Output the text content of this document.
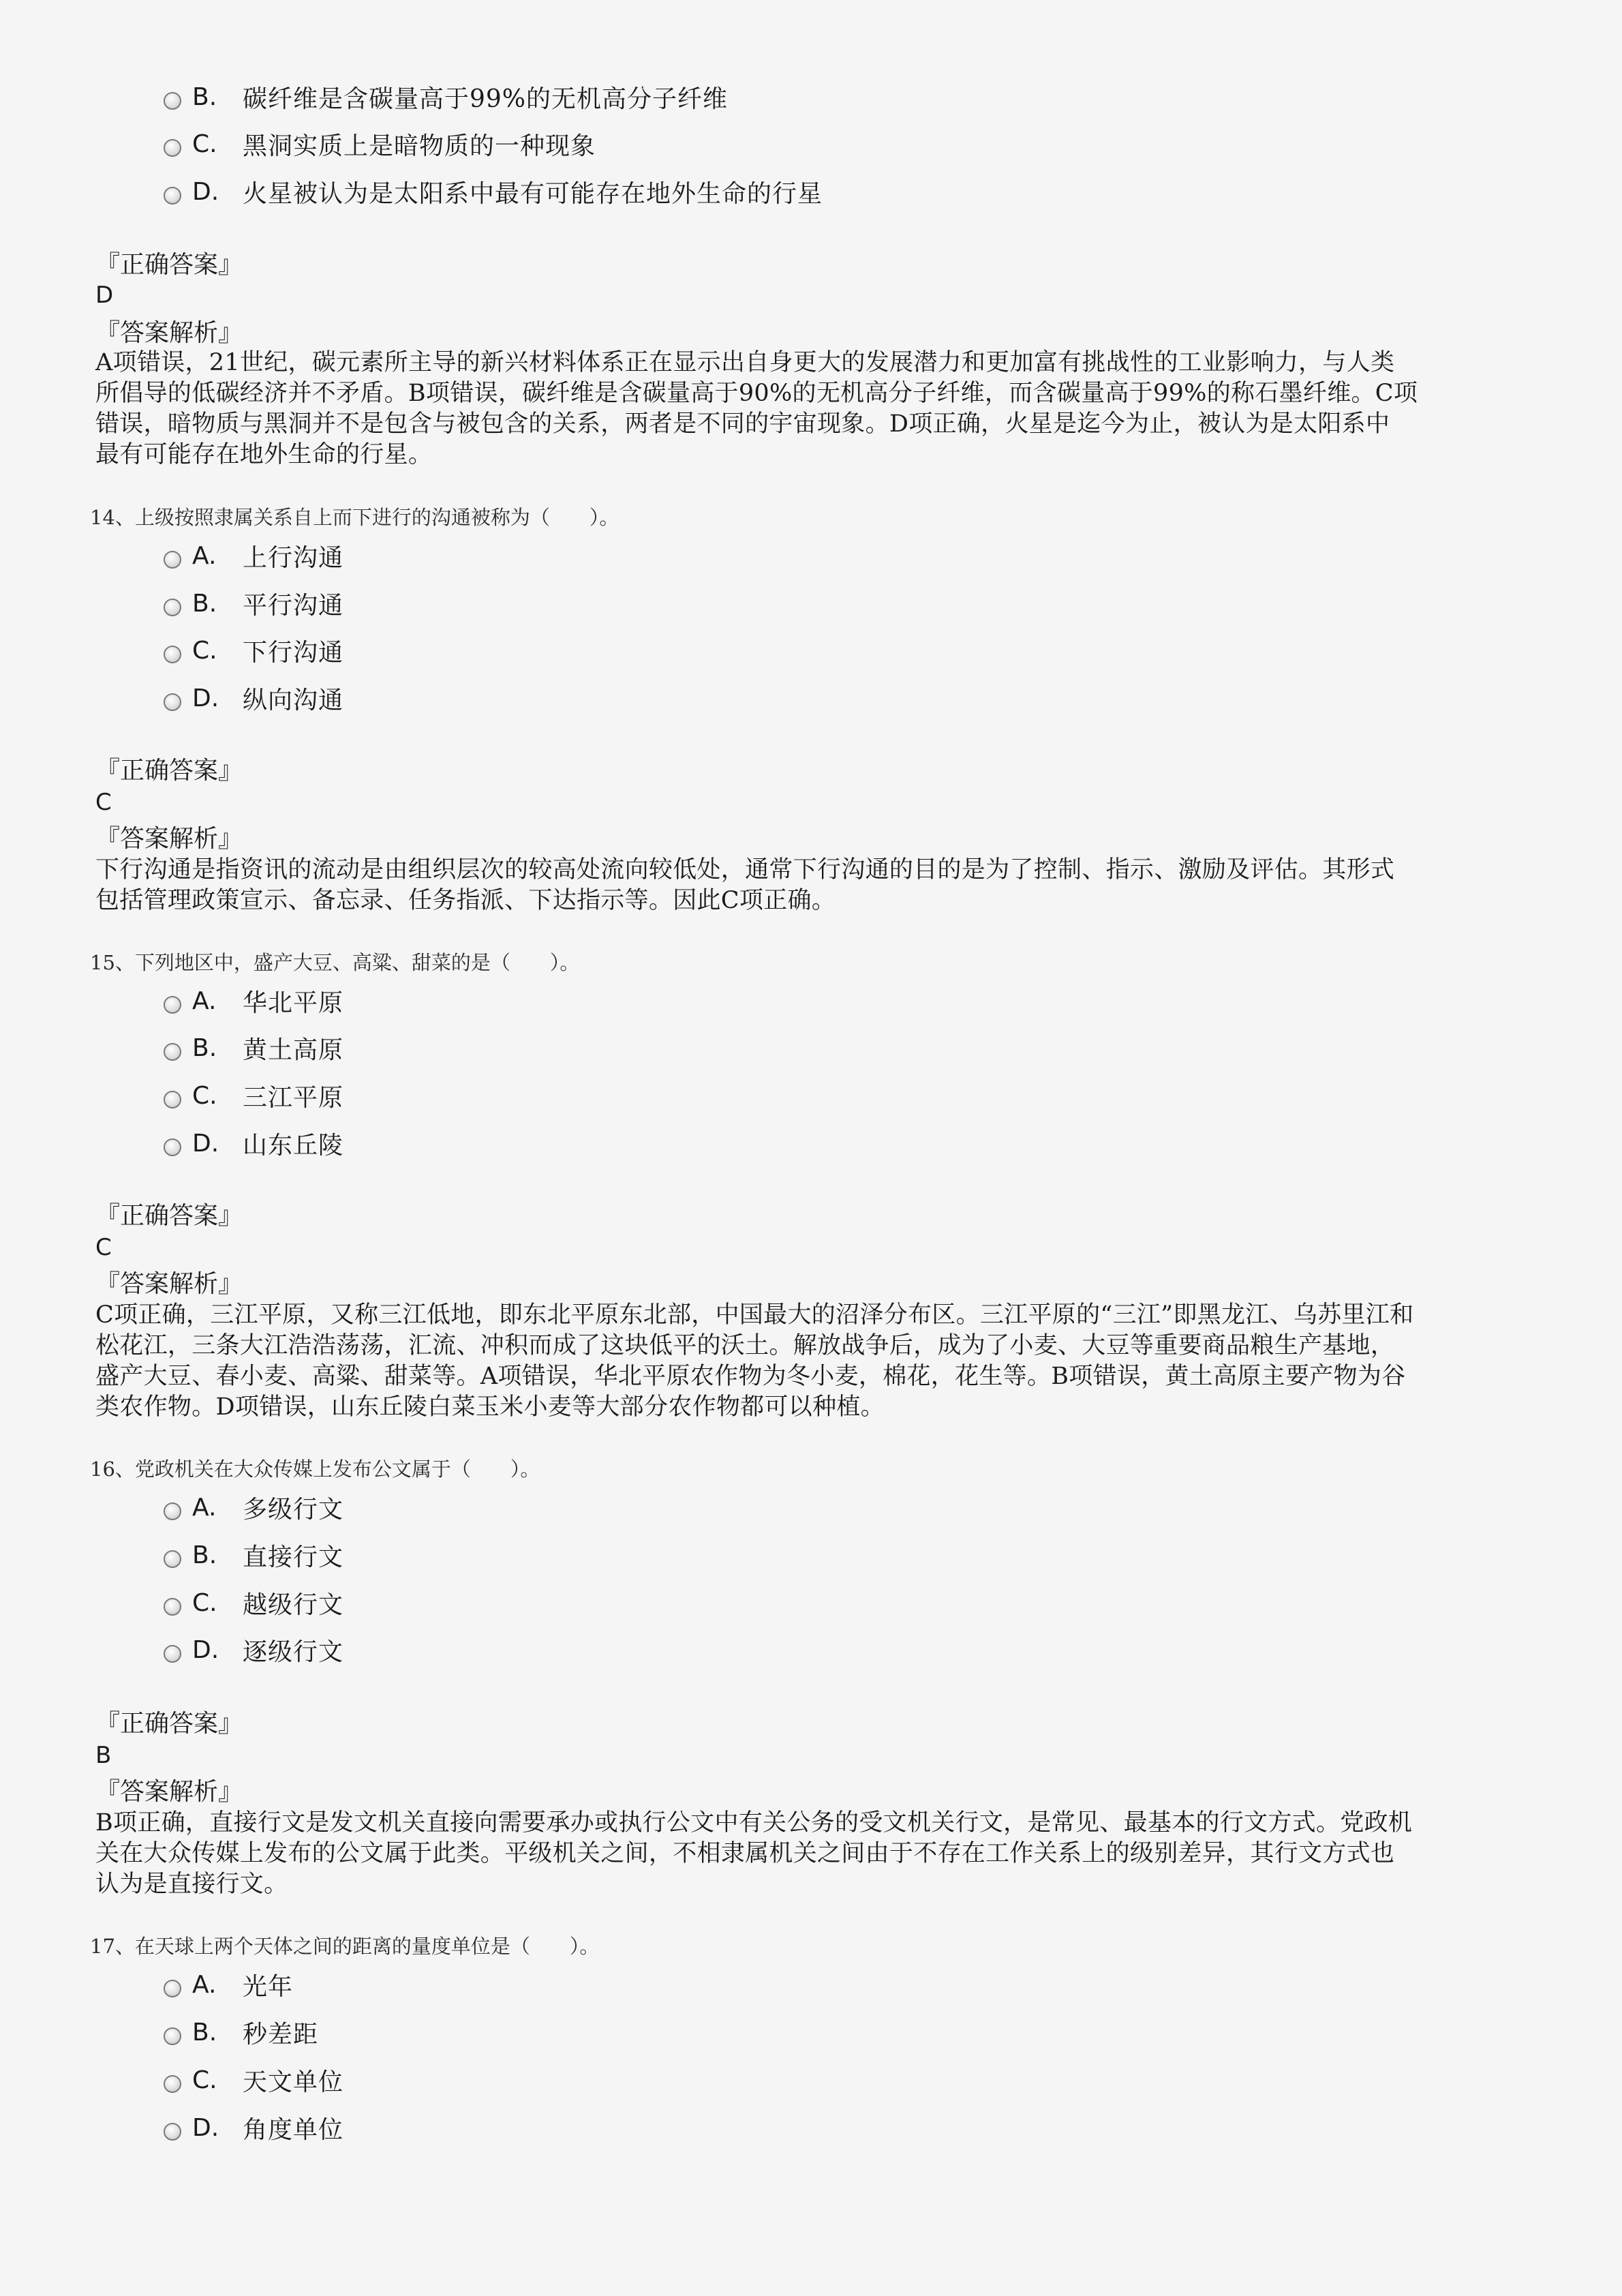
B.	碳纤维是含碳量高于99%的无机高分子纤维
C.	黑洞实质上是暗物质的一种现象
D. 火星被认为是太阳系中最有可能存在地外生命的行星
『正确答案』
D
『答案解析』
A项错误，21世纪，碳元素所主导的新兴材料体系正在显示出自身更大的发展潜力和更加富有挑战性的工业影响力，与人类
所倡导的低碳经济并不矛盾。B项错误，碳纤维是含碳量高于90%的无机高分子纤维，而含碳量高于99%的称石墨纤维。C项
错误，暗物质与黑洞并不是包含与被包含的关系，两者是不同的宇宙现象。D项正确，火星是迄今为止，被认为是太阳系中
最有可能存在地外生命的行星。
14、上级按照隶属关系自上而下进行的沟通被称为（　　）。
A.	上行沟通
B.	平行沟通
C.	下行沟通
D. 纵向沟通
『正确答案』
C
『答案解析』
下行沟通是指资讯的流动是由组织层次的较高处流向较低处，通常下行沟通的目的是为了控制、指示、激励及评估。其形式
包括管理政策宣示、备忘录、任务指派、下达指示等。因此C项正确。
15、下列地区中，盛产大豆、高粱、甜菜的是（　　）。
A.	华北平原
B.	黄土高原
C.	三江平原
D. 山东丘陵
『正确答案』
C
『答案解析』
C项正确，三江平原，又称三江低地，即东北平原东北部，中国最大的沼泽分布区。三江平原的“三江”即黑龙江、乌苏里江和
松花江，三条大江浩浩荡荡，汇流、冲积而成了这块低平的沃土。解放战争后，成为了小麦、大豆等重要商品粮生产基地，
盛产大豆、春小麦、高粱、甜菜等。A项错误，华北平原农作物为冬小麦，棉花，花生等。B项错误，黄土高原主要产物为谷
类农作物。D项错误，山东丘陵白菜玉米小麦等大部分农作物都可以种植。
16、党政机关在大众传媒上发布公文属于（　　）。
A.	多级行文
B.	直接行文
C.	越级行文
D. 逐级行文
『正确答案』
B
『答案解析』
B项正确，直接行文是发文机关直接向需要承办或执行公文中有关公务的受文机关行文，是常见、最基本的行文方式。党政机
关在大众传媒上发布的公文属于此类。平级机关之间，不相隶属机关之间由于不存在工作关系上的级别差异，其行文方式也
认为是直接行文。
17、在天球上两个天体之间的距离的量度单位是（　　）。
A.	光年
B.	秒差距
C.	天文单位
D. 角度单位
